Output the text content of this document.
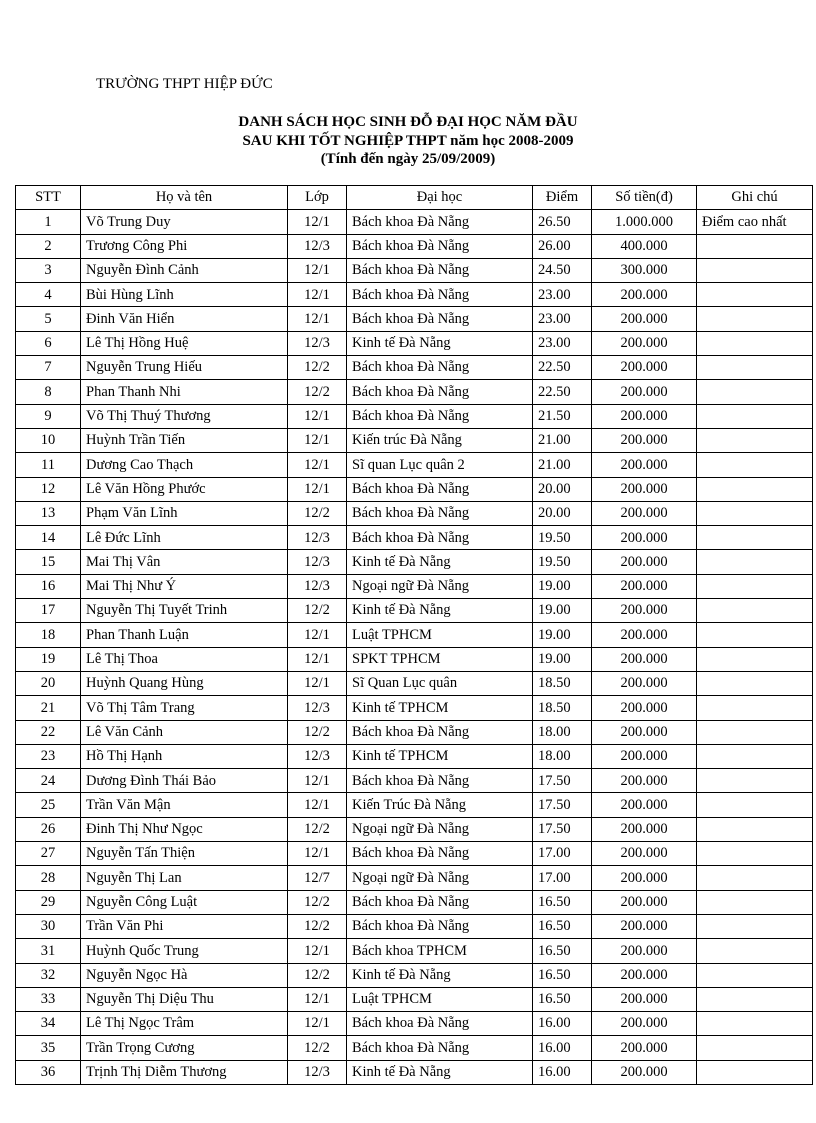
TRƯỜNG THPT HIỆP ĐỨC
DANH SÁCH HỌC SINH ĐỖ ĐẠI HỌC NĂM ĐẦU
SAU KHI TỐT NGHIỆP THPT năm học 2008-2009
(Tính đến ngày 25/09/2009)
STT	Họ và tên	Lớp	Đại học	Điểm	Số tiền(đ)	Ghi chú
1	Võ Trung Duy	12/1	Bách khoa Đà Nẵng	26.50	1.000.000	Điểm cao nhất
2	Trương Công Phi	12/3	Bách khoa Đà Nẵng	26.00	400.000	
3	Nguyễn Đình Cảnh	12/1	Bách khoa Đà Nẵng	24.50	300.000	
4	Bùi Hùng Lĩnh	12/1	Bách khoa Đà Nẵng	23.00	200.000	
5	Đinh Văn Hiển	12/1	Bách khoa Đà Nẵng	23.00	200.000	
6	Lê Thị Hồng Huệ	12/3	Kinh tế Đà Nẵng	23.00	200.000	
7	Nguyễn Trung Hiếu	12/2	Bách khoa Đà Nẵng	22.50	200.000	
8	Phan Thanh Nhi	12/2	Bách khoa Đà Nẵng	22.50	200.000	
9	Võ Thị Thuý Thương	12/1	Bách khoa Đà Nẵng	21.50	200.000	
10	Huỳnh Trần Tiến	12/1	Kiến trúc Đà Nẵng	21.00	200.000	
11	Dương Cao Thạch	12/1	Sĩ quan Lục quân 2	21.00	200.000	
12	Lê Văn Hồng Phước	12/1	Bách khoa Đà Nẵng	20.00	200.000	
13	Phạm Văn Lĩnh	12/2	Bách khoa Đà Nẵng	20.00	200.000	
14	Lê Đức Lĩnh	12/3	Bách khoa Đà Nẵng	19.50	200.000	
15	Mai Thị Vân	12/3	Kinh tế Đà Nẵng	19.50	200.000	
16	Mai Thị Như Ý	12/3	Ngoại ngữ Đà Nẵng	19.00	200.000	
17	Nguyễn Thị Tuyết Trinh	12/2	Kinh tế Đà Nẵng	19.00	200.000	
18	Phan Thanh Luận	12/1	Luật TPHCM	19.00	200.000	
19	Lê Thị Thoa	12/1	SPKT TPHCM	19.00	200.000	
20	Huỳnh Quang Hùng	12/1	Sĩ Quan Lục quân	18.50	200.000	
21	Võ Thị Tâm Trang	12/3	Kinh tế TPHCM	18.50	200.000	
22	Lê Văn Cảnh	12/2	Bách khoa Đà Nẵng	18.00	200.000	
23	Hồ Thị Hạnh	12/3	Kinh tế TPHCM	18.00	200.000	
24	Dương Đình Thái Bảo	12/1	Bách khoa Đà Nẵng	17.50	200.000	
25	Trần Văn Mận	12/1	Kiến Trúc Đà Nẵng	17.50	200.000	
26	Đinh Thị Như Ngọc	12/2	Ngoại ngữ Đà Nẵng	17.50	200.000	
27	Nguyễn Tấn Thiện	12/1	Bách khoa Đà Nẵng	17.00	200.000	
28	Nguyễn Thị Lan	12/7	Ngoại ngữ Đà Nẵng	17.00	200.000	
29	Nguyễn Công Luật	12/2	Bách khoa Đà Nẵng	16.50	200.000	
30	Trần Văn Phi	12/2	Bách khoa Đà Nẵng	16.50	200.000	
31	Huỳnh Quốc Trung	12/1	Bách khoa TPHCM	16.50	200.000	
32	Nguyễn Ngọc Hà	12/2	Kinh tế Đà Nẵng	16.50	200.000	
33	Nguyễn Thị Diệu Thu	12/1	Luật TPHCM	16.50	200.000	
34	Lê Thị Ngọc Trâm	12/1	Bách khoa Đà Nẵng	16.00	200.000	
35	Trần Trọng Cương	12/2	Bách khoa Đà Nẵng	16.00	200.000	
36	Trịnh Thị Diễm Thương	12/3	Kinh tế Đà Nẵng	16.00	200.000	
